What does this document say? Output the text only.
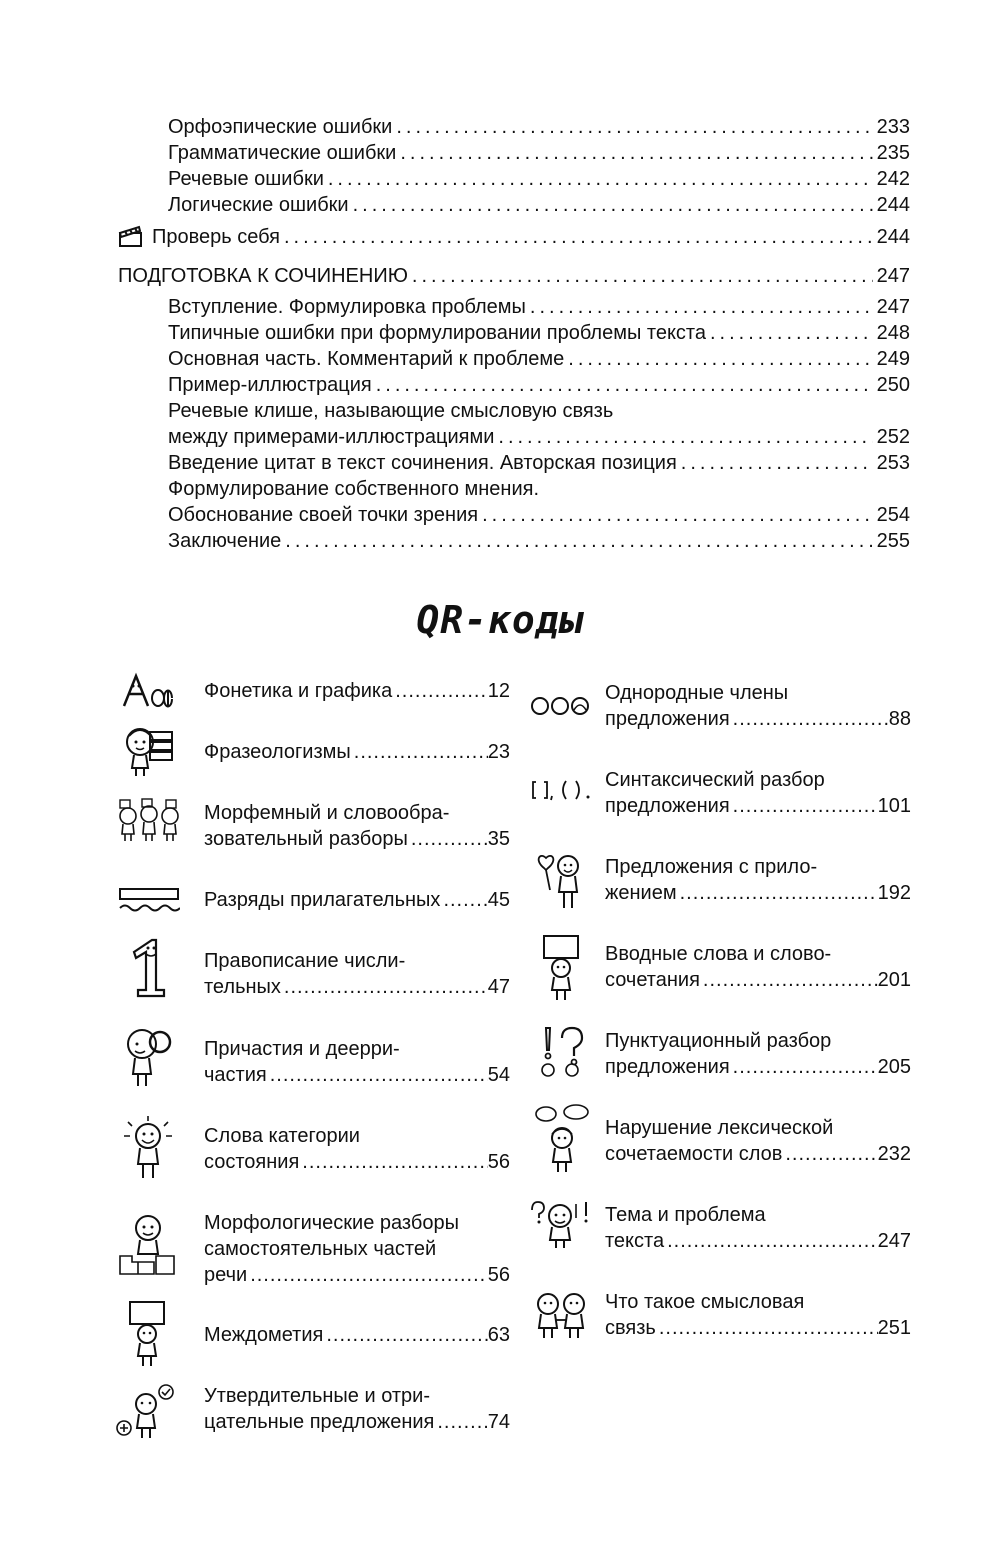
Орфоэпические ошибки .....	233
Грамматические ошибки .....	235
Речевые ошибки .....	242
Логические ошибки .....	244
Проверь себя .....	244
ПОДГОТОВКА К СОЧИНЕНИЮ .....	247
Вступление. Формулировка проблемы .....	247
Типичные ошибки при формулировании проблемы текста .....	248
Основная часть. Комментарий к проблеме .....	249
Пример-иллюстрация .....	250
Речевые клише, называющие смысловую связь
между примерами-иллюстрациями .....	252
Введение цитат в текст сочинения. Авторская позиция .....	253
Формулирование собственного мнения.
Обоснование своей точки зрения .....	254
Заключение .....	255
QR-коды
Фонетика и графика .....	12
Фразеологизмы .....	23
Морфемный и словообра-
зовательный разборы .....	35
Разряды прилагательных ..... 45
Правописание числи-
тельных .....	47
Причастия и дееpри-
частия .....	54
Слова категории
состояния .....	56
Морфологические разборы
самостоятельных частей
речи .....	56
Междометия .....	63
Утвердительные и отри-
цательные предложения .....	74
Однородные члены
предложения .....	88
Синтаксический разбор
предложения .....	101
Предложения с прило-
жением .....	192
Вводные слова и слово-
сочетания .....	201
Пунктуационный разбор
предложения .....	205
Нарушение лексической
сочетаемости слов .....	232
Тема и проблема
текста .....	247
Что такое смысловая
связь .....	251
